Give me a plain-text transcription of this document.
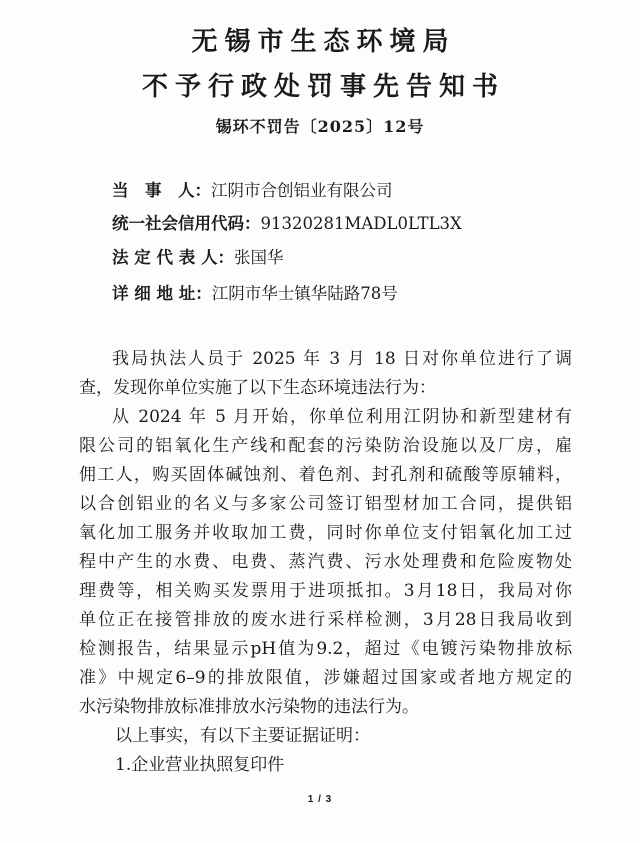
无锡市生态环境局
不予行政处罚事先告知书
锡环不罚告〔2025〕12号
当　事　人：江阴市合创铝业有限公司
统一社会信用代码：91320281MADL0LTL3X
法 定 代 表 人：张国华
详 细 地 址：江阴市华士镇华陆路78号
我局执法人员于 2025 年 3 月 18 日对你单位进行了调
查，发现你单位实施了以下生态环境违法行为：
从 2024 年 5 月开始，你单位利用江阴协和新型建材有
限公司的铝氧化生产线和配套的污染防治设施以及厂房，雇
佣工人，购买固体碱蚀剂、着色剂、封孔剂和硫酸等原辅料，
以合创铝业的名义与多家公司签订铝型材加工合同，提供铝
氧化加工服务并收取加工费，同时你单位支付铝氧化加工过
程中产生的水费、电费、蒸汽费、污水处理费和危险废物处
理费等，相关购买发票用于进项抵扣。3月18日，我局对你
单位正在接管排放的废水进行采样检测，3月28日我局收到
检测报告，结果显示pH值为9.2，超过《电镀污染物排放标
准》中规定6–9的排放限值，涉嫌超过国家或者地方规定的
水污染物排放标准排放水污染物的违法行为。
以上事实，有以下主要证据证明：
1.企业营业执照复印件
1 / 3
